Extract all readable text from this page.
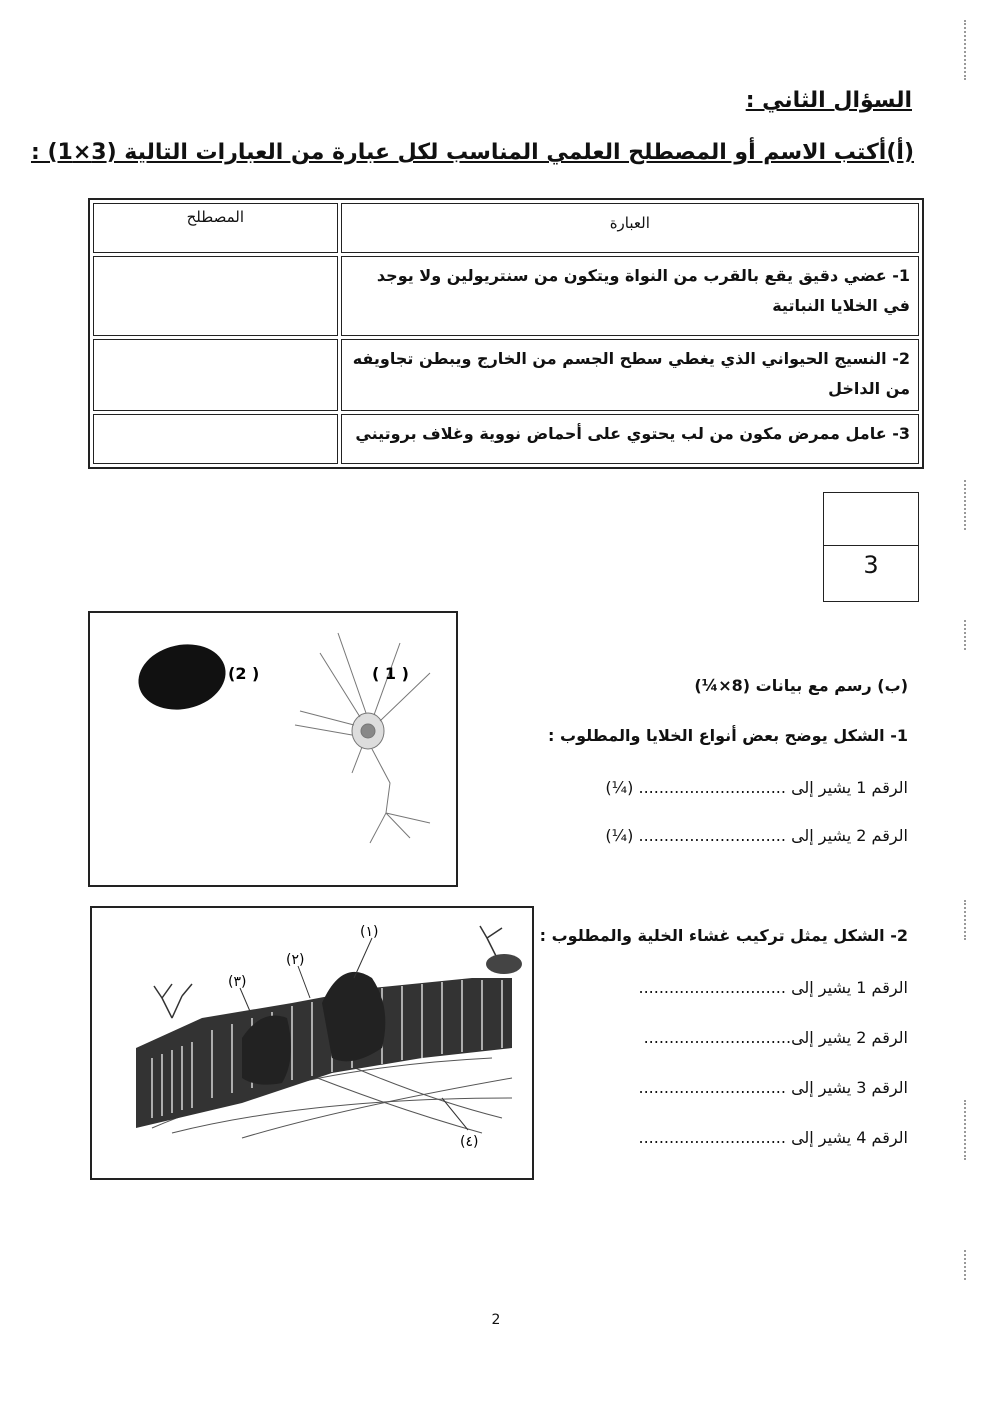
السؤال الثاني :
(أ)أكتب الاسم أو المصطلح العلمي المناسب لكل عبارة من العبارات التالية (3×1) :
العبارة	المصطلح
1- عضي دقيق يقع بالقرب من النواة ويتكون من سنتريولين ولا يوجد في الخلايا النباتية	
2- النسيج الحيواني الذي يغطي سطح الجسم من الخارج ويبطن تجاويفه من الداخل	
3- عامل ممرض مكون من لب يحتوي على أحماض نووية وغلاف بروتيني	
3
(2 )	( 1 )
(ب) رسم مع بيانات (8×¼)
1- الشكل يوضح بعض أنواع الخلايا والمطلوب :
الرقم 1 يشير إلى ............................. (¼)
الرقم 2 يشير إلى ............................. (¼)
(١)
(٢)
(٣)
(٤)
2- الشكل يمثل تركيب غشاء الخلية والمطلوب :
الرقم 1 يشير إلى .............................
الرقم 2 يشير إلى.............................
الرقم 3 يشير إلى .............................
الرقم 4 يشير إلى .............................
2
